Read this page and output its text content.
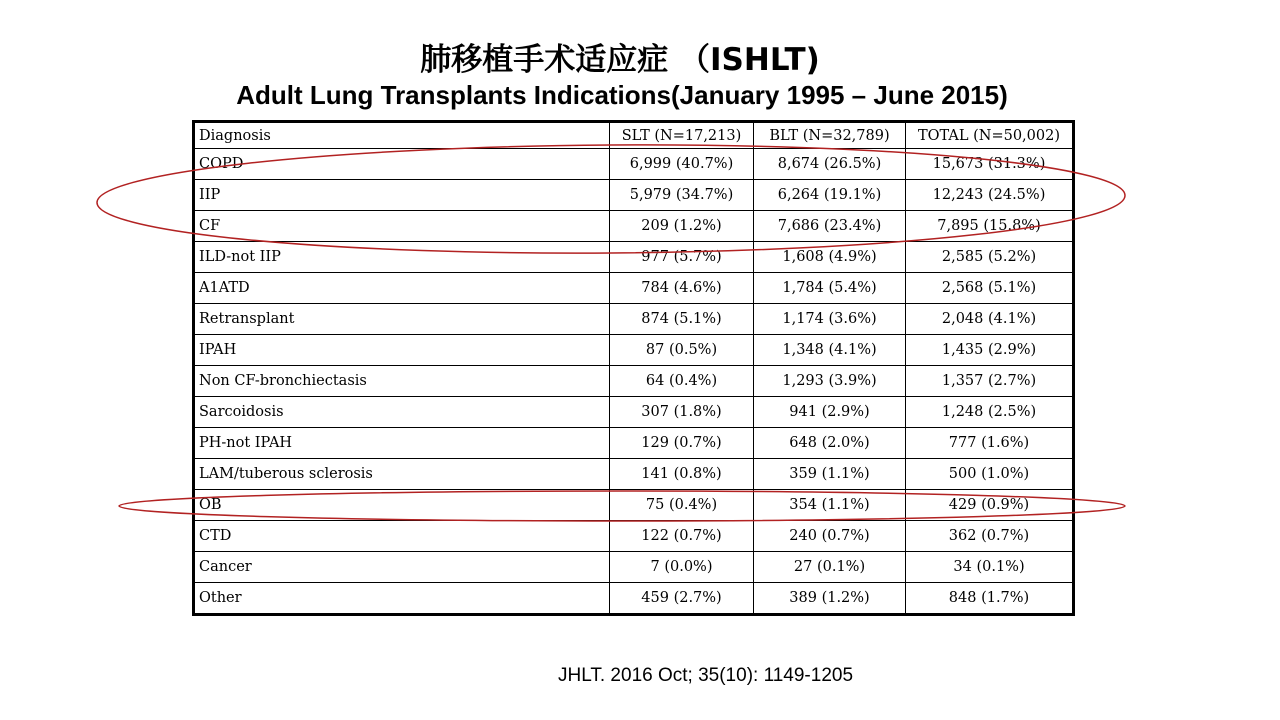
肺移植手术适应症 （ISHLT)
Adult Lung Transplants Indications(January 1995 – June 2015)
Diagnosis	SLT (N=17,213)	BLT (N=32,789)	TOTAL (N=50,002)
COPD	6,999 (40.7%)	8,674 (26.5%)	15,673 (31.3%)
IIP	5,979 (34.7%)	6,264 (19.1%)	12,243 (24.5%)
CF	209 (1.2%)	7,686 (23.4%)	7,895 (15.8%)
ILD-not IIP	977 (5.7%)	1,608 (4.9%)	2,585 (5.2%)
A1ATD	784 (4.6%)	1,784 (5.4%)	2,568 (5.1%)
Retransplant	874 (5.1%)	1,174 (3.6%)	2,048 (4.1%)
IPAH	87 (0.5%)	1,348 (4.1%)	1,435 (2.9%)
Non CF-bronchiectasis	64 (0.4%)	1,293 (3.9%)	1,357 (2.7%)
Sarcoidosis	307 (1.8%)	941 (2.9%)	1,248 (2.5%)
PH-not IPAH	129 (0.7%)	648 (2.0%)	777 (1.6%)
LAM/tuberous sclerosis	141 (0.8%)	359 (1.1%)	500 (1.0%)
OB	75 (0.4%)	354 (1.1%)	429 (0.9%)
CTD	122 (0.7%)	240 (0.7%)	362 (0.7%)
Cancer	7 (0.0%)	27 (0.1%)	34 (0.1%)
Other	459 (2.7%)	389 (1.2%)	848 (1.7%)
JHLT. 2016 Oct; 35(10): 1149-1205
